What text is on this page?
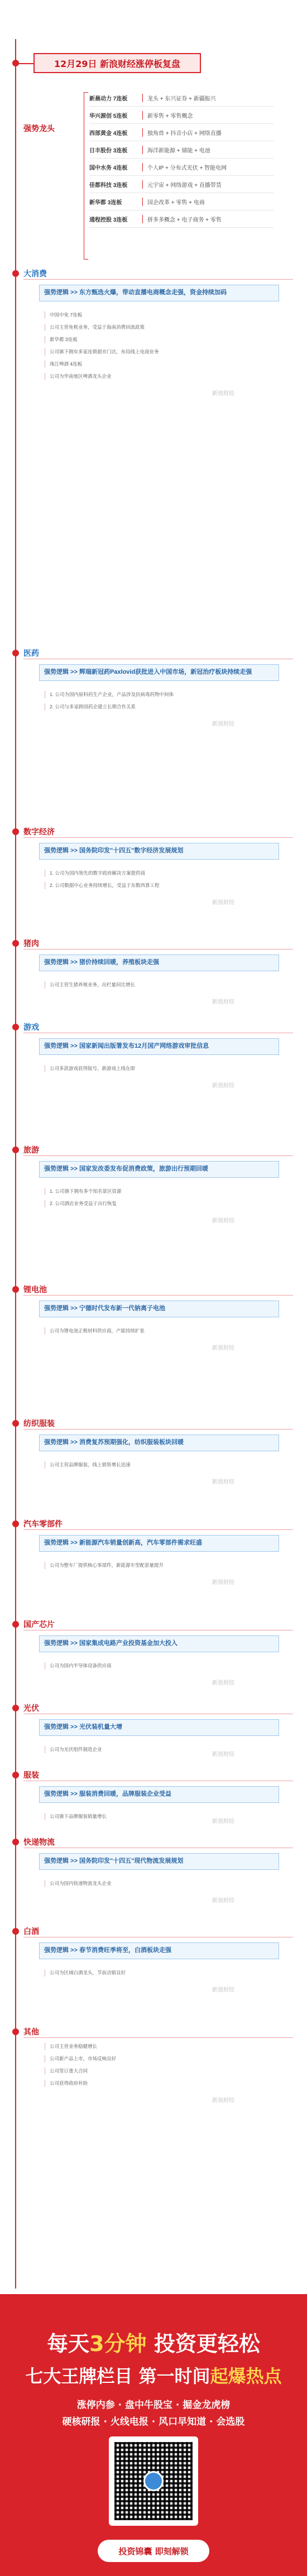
12月29日 新浪财经涨停板复盘
强势龙头
新晨动力 7连板	龙头 + 东兴证券 + 新疆振兴
华兴源创 5连板	新零售 + 零售概念
西部黄金 4连板	独角兽 + 抖音小店 + 网络直播
日丰股份 3连板	海洋新能源 + 储能 + 电池
国中水务 4连板	个人IP + 分布式光伏 + 智能电网
佳都科技 3连板	元宇宙 + 网络游戏 + 直播带货
新华都 3连板	国企改革 + 零售 + 电商
通程控股 3连板	拼多多概念 + 电子商务 + 零售
大消费
强势逻辑 >> 东方甄选火爆，带动直播电商概念走强，资金持续加码
中国中免 7连板
公司主营免税业务，受益于海南消费回流政策
新华都 3连板
公司旗下拥有多家连锁超市门店，布局线上电商业务
珠江啤酒 4连板
公司为华南地区啤酒龙头企业
新浪财经
医药
强势逻辑 >> 辉瑞新冠药Paxlovid获批进入中国市场，新冠治疗板块持续走强
1. 公司为国内原料药生产企业，产品涉及抗病毒药物中间体
2. 公司与多家跨国药企建立长期合作关系
新浪财经
数字经济
强势逻辑 >> 国务院印发"十四五"数字经济发展规划
1. 公司为国内领先的数字政府解决方案提供商
2. 公司数据中心业务持续增长，受益于东数西算工程
新浪财经
猪肉
强势逻辑 >> 猪价持续回暖，养殖板块走强
公司主营生猪养殖业务，出栏量同比增长
新浪财经
游戏
强势逻辑 >> 国家新闻出版署发布12月国产网络游戏审批信息
公司多款游戏获得版号，新游戏上线在即
新浪财经
旅游
强势逻辑 >> 国家发改委发布促消费政策，旅游出行预期回暖
1. 公司旗下拥有多个知名景区资源
2. 公司酒店业务受益于出行恢复
新浪财经
锂电池
强势逻辑 >> 宁德时代发布新一代钠离子电池
公司为锂电池正极材料供应商，产能持续扩张
新浪财经
纺织服装
强势逻辑 >> 消费复苏预期强化，纺织服装板块回暖
公司主营品牌服装，线上销售增长迅速
新浪财经
汽车零部件
强势逻辑 >> 新能源汽车销量创新高，汽车零部件需求旺盛
公司为整车厂提供核心零部件，新能源车型配套量提升
新浪财经
国产芯片
强势逻辑 >> 国家集成电路产业投资基金加大投入
公司为国内半导体设备供应商
新浪财经
光伏
强势逻辑 >> 光伏装机量大增
公司为光伏组件制造企业
新浪财经
服装
强势逻辑 >> 服装消费回暖，品牌服装企业受益
公司旗下品牌服装销量增长
新浪财经
快递物流
强势逻辑 >> 国务院印发"十四五"现代物流发展规划
公司为国内快递物流龙头企业
新浪财经
白酒
强势逻辑 >> 春节消费旺季将至，白酒板块走强
公司为区域白酒龙头，节前动销良好
新浪财经
其他
公司主营业务稳健增长
公司新产品上市，市场反响良好
公司签订重大合同
公司获得政府补助
新浪财经
每天3分钟 投资更轻松
七大王牌栏目 第一时间起爆热点
涨停内参 · 盘中牛股宝 · 掘金龙虎榜
硬核研报 · 火线电报 · 风口早知道 · 会选股
投资锦囊 即刻解锁
